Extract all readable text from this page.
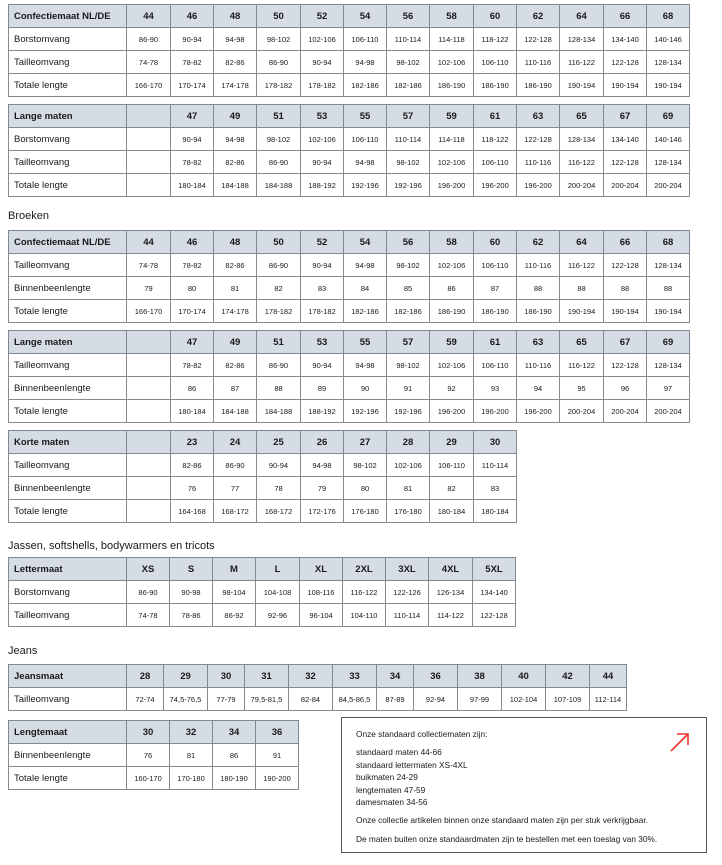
Confectiemaat NL/DE	44	46	48	50	52	54	56	58	60	62	64	66	68
Borstomvang	86-90	90-94	94-98	98-102	102-106	106-110	110-114	114-118	118-122	122-128	128-134	134-140	140-146
Tailleomvang	74-78	78-82	82-86	86-90	90-94	94-98	98-102	102-106	106-110	110-116	116-122	122-128	128-134
Totale lengte	166-170	170-174	174-178	178-182	178-182	182-186	182-186	186-190	186-190	186-190	190-194	190-194	190-194
Lange maten		47	49	51	53	55	57	59	61	63	65	67	69
Borstomvang		90-94	94-98	98-102	102-106	106-110	110-114	114-118	118-122	122-128	128-134	134-140	140-146
Tailleomvang		78-82	82-86	86-90	90-94	94-98	98-102	102-106	106-110	110-116	116-122	122-128	128-134
Totale lengte		180-184	184-188	184-188	188-192	192-196	192-196	196-200	196-200	196-200	200-204	200-204	200-204
Broeken
Confectiemaat NL/DE	44	46	48	50	52	54	56	58	60	62	64	66	68
Tailleomvang	74-78	78-82	82-86	86-90	90-94	94-98	98-102	102-106	106-110	110-116	116-122	122-128	128-134
Binnenbeenlengte	79	80	81	82	83	84	85	86	87	88	88	88	88
Totale lengte	166-170	170-174	174-178	178-182	178-182	182-186	182-186	186-190	186-190	186-190	190-194	190-194	190-194
Lange maten		47	49	51	53	55	57	59	61	63	65	67	69
Tailleomvang		78-82	82-86	86-90	90-94	94-98	98-102	102-106	106-110	110-116	116-122	122-128	128-134
Binnenbeenlengte		86	87	88	89	90	91	92	93	94	95	96	97
Totale lengte		180-184	184-188	184-188	188-192	192-196	192-196	196-200	196-200	196-200	200-204	200-204	200-204
Korte maten		23	24	25	26	27	28	29	30
Tailleomvang		82-86	86-90	90-94	94-98	98-102	102-106	106-110	110-114
Binnenbeenlengte		76	77	78	79	80	81	82	83
Totale lengte		164-168	168-172	168-172	172-176	176-180	176-180	180-184	180-184
Jassen, softshells, bodywarmers en tricots
Lettermaat	XS	S	M	L	XL	2XL	3XL	4XL	5XL
Borstomvang	86-90	90-98	98-104	104-108	108-116	116-122	122-126	126-134	134-140
Tailleomvang	74-78	78-86	86-92	92-96	96-104	104-110	110-114	114-122	122-128
Jeans
Jeansmaat	28	29	30	31	32	33	34	36	38	40	42	44
Tailleomvang	72-74	74,5-76,5	77-79	79,5-81,5	82-84	84,5-86,5	87-89	92-94	97-99	102-104	107-109	112-114
Lengtemaat	30	32	34	36
Binnenbeenlengte	76	81	86	91
Totale lengte	160-170	170-180	180-190	190-200

Onze standaard collectiematen zijn:

standaard maten 44-66

standaard lettermaten XS-4XL

buikmaten 24-29

lengtematen 47-59

damesmaten 34-56

Onze collectie artikelen binnen onze standaard maten zijn per stuk verkrijgbaar.

De maten buiten onze standaardmaten zijn te bestellen met een toeslag van 30%.
